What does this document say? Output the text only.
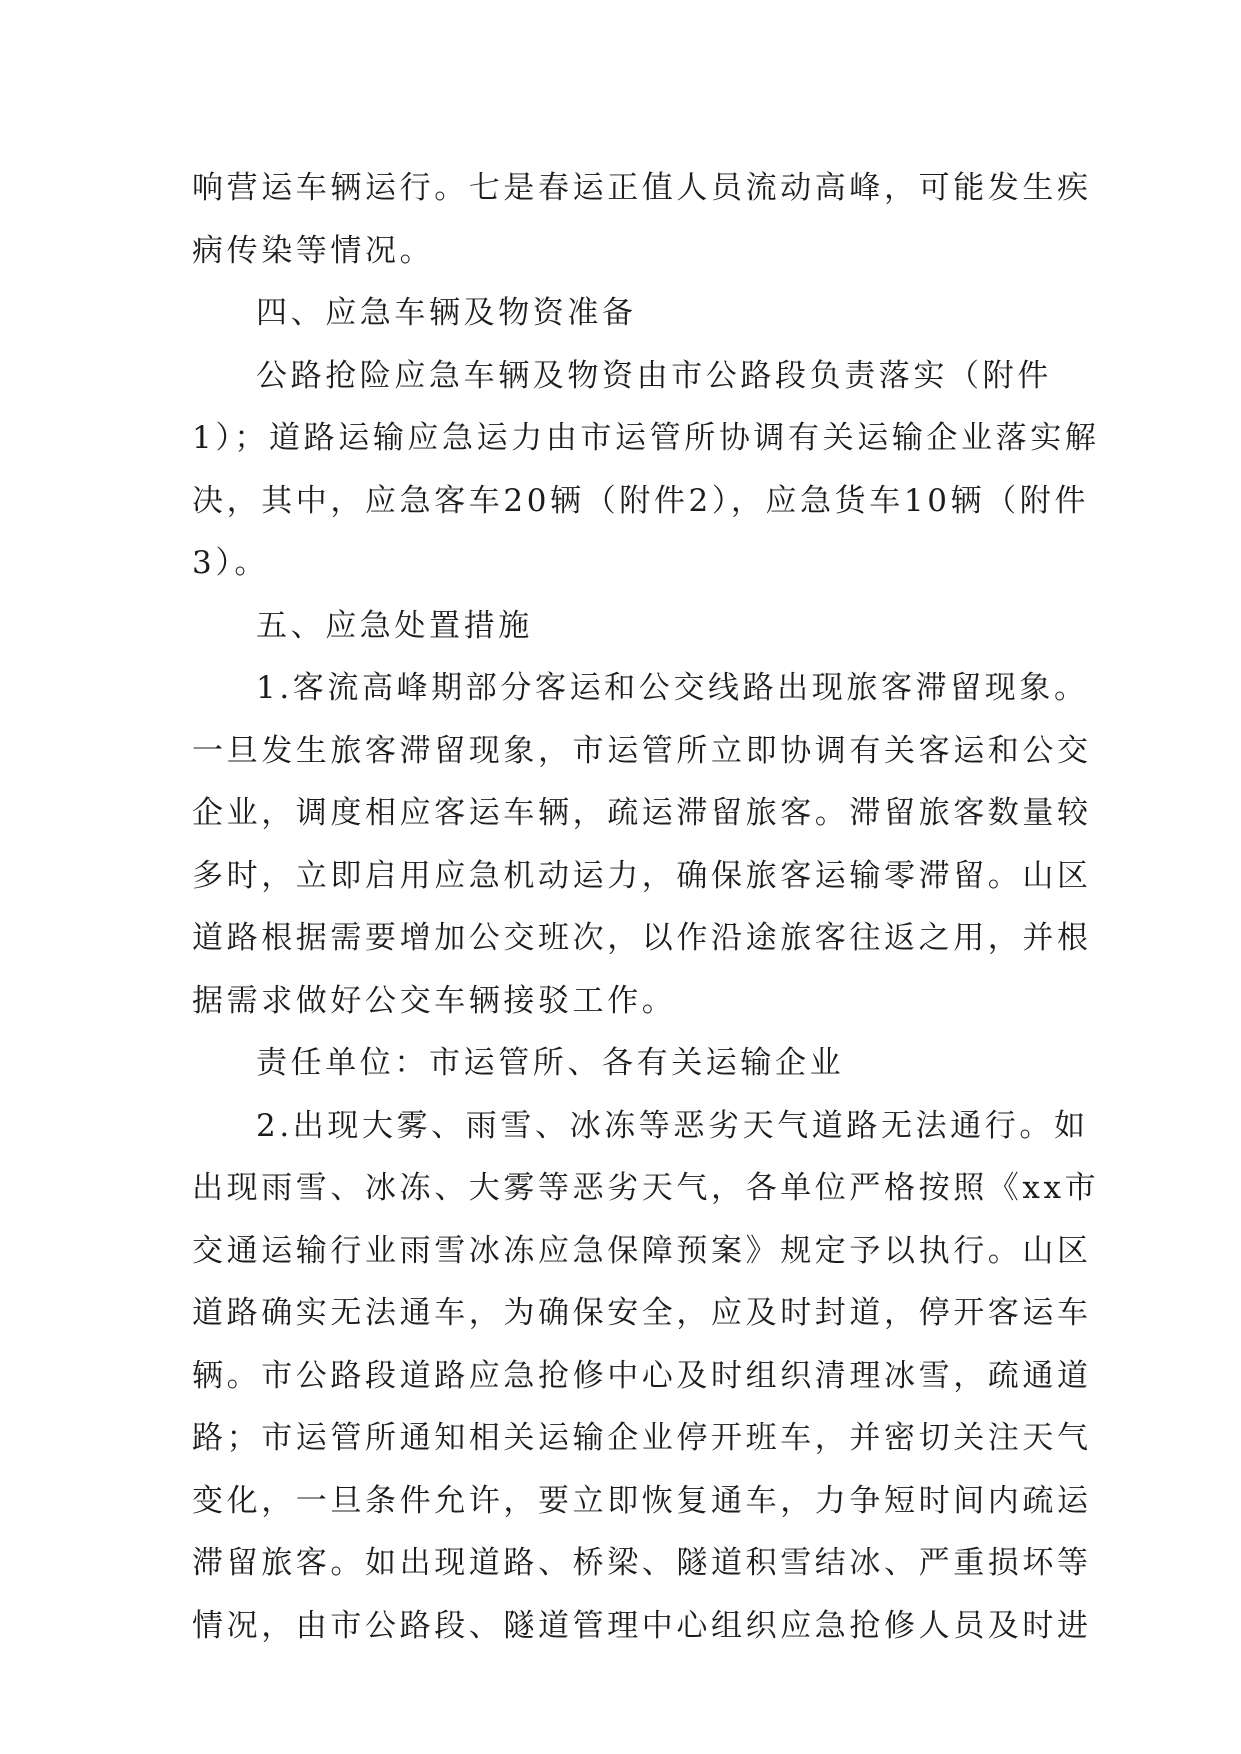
响营运车辆运行。七是春运正值人员流动高峰，可能发生疾
病传染等情况。
四、应急车辆及物资准备
公路抢险应急车辆及物资由市公路段负责落实（附件
1）；道路运输应急运力由市运管所协调有关运输企业落实解
决，其中，应急客车20辆（附件2），应急货车10辆（附件
3）。
五、应急处置措施
1.客流高峰期部分客运和公交线路出现旅客滞留现象。
一旦发生旅客滞留现象，市运管所立即协调有关客运和公交
企业，调度相应客运车辆，疏运滞留旅客。滞留旅客数量较
多时，立即启用应急机动运力，确保旅客运输零滞留。山区
道路根据需要增加公交班次，以作沿途旅客往返之用，并根
据需求做好公交车辆接驳工作。
责任单位：市运管所、各有关运输企业
2.出现大雾、雨雪、冰冻等恶劣天气道路无法通行。如
出现雨雪、冰冻、大雾等恶劣天气，各单位严格按照《xx市
交通运输行业雨雪冰冻应急保障预案》规定予以执行。山区
道路确实无法通车，为确保安全，应及时封道，停开客运车
辆。市公路段道路应急抢修中心及时组织清理冰雪，疏通道
路；市运管所通知相关运输企业停开班车，并密切关注天气
变化，一旦条件允许，要立即恢复通车，力争短时间内疏运
滞留旅客。如出现道路、桥梁、隧道积雪结冰、严重损坏等
情况，由市公路段、隧道管理中心组织应急抢修人员及时进
